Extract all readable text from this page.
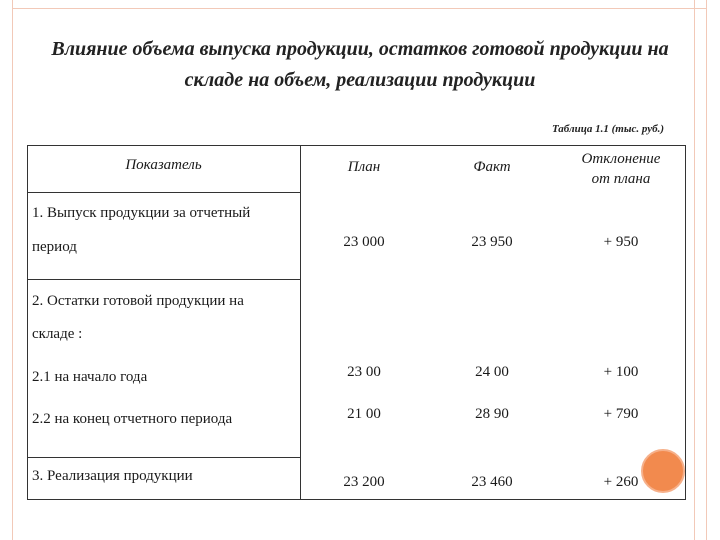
Влияние объема выпуска продукции, остатков готовой продукции на складе на объем, реализации продукции
Таблица 1.1 (тыс. руб.)
Показатель	План	Факт	Отклонение
от плана
1. Выпуск продукции за отчетный
период	23 000	23 950	+ 950
2. Остатки готовой продукции на
складе :
2.1 на начало года	23 00	24 00	+ 100
2.2 на конец отчетного периода	21 00	28 90	+ 790
3. Реализация продукции	23 200	23 460	+ 260
